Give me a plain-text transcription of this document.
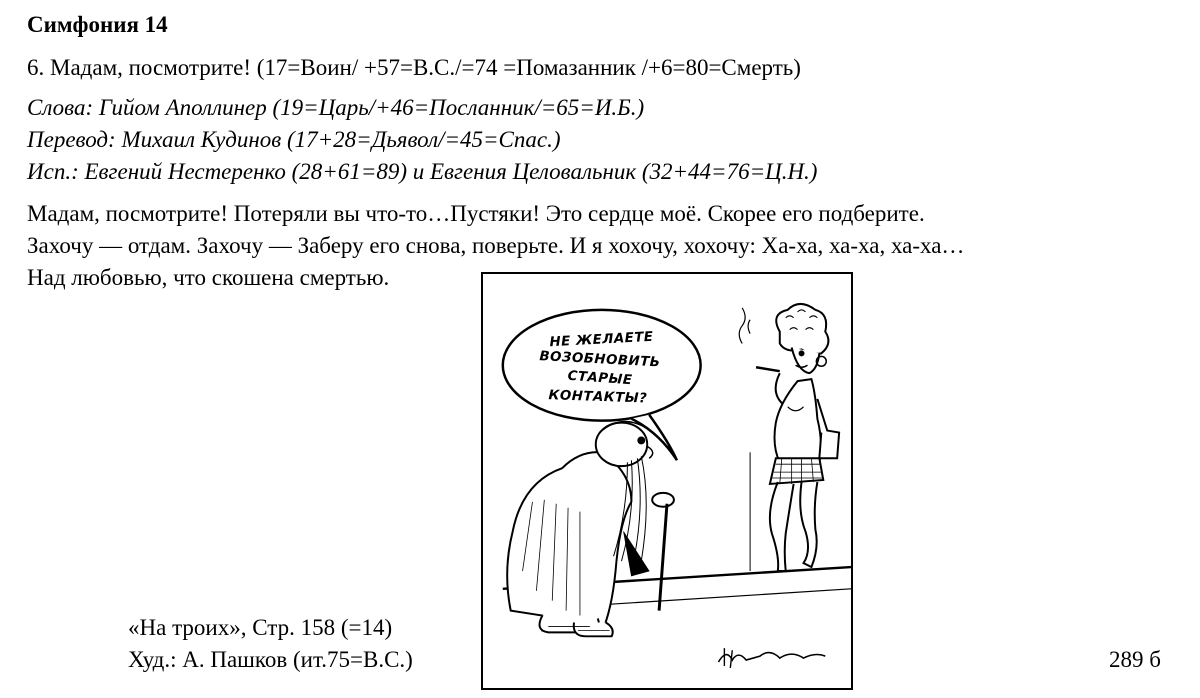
Симфония 14
6. Мадам, посмотрите! (17=Воин/ +57=В.С./=74 =Помазанник /+6=80=Смерть)
Слова: Гийом Аполлинер (19=Царь/+46=Посланник/=65=И.Б.)
Перевод: Михаил Кудинов (17+28=Дьявол/=45=Спас.)
Исп.: Евгений Нестеренко (28+61=89) и Евгения Целовальник (32+44=76=Ц.Н.)
Мадам, посмотрите! Потеряли вы что-то…Пустяки! Это сердце моё. Скорее его подберите.
Захочу — отдам. Захочу — Заберу его снова, поверьте. И я хохочу, хохочу: Ха-ха, ха-ха, ха-ха…
Над любовью, что скошена смертью.
НЕ ЖЕЛАЕТЕ
ВОЗОБНОВИТЬ
СТАРЫЕ
КОНТАКТЫ?
«На троих», Стр. 158 (=14)
Худ.: А. Пашков (ит.75=В.С.)	289 б
